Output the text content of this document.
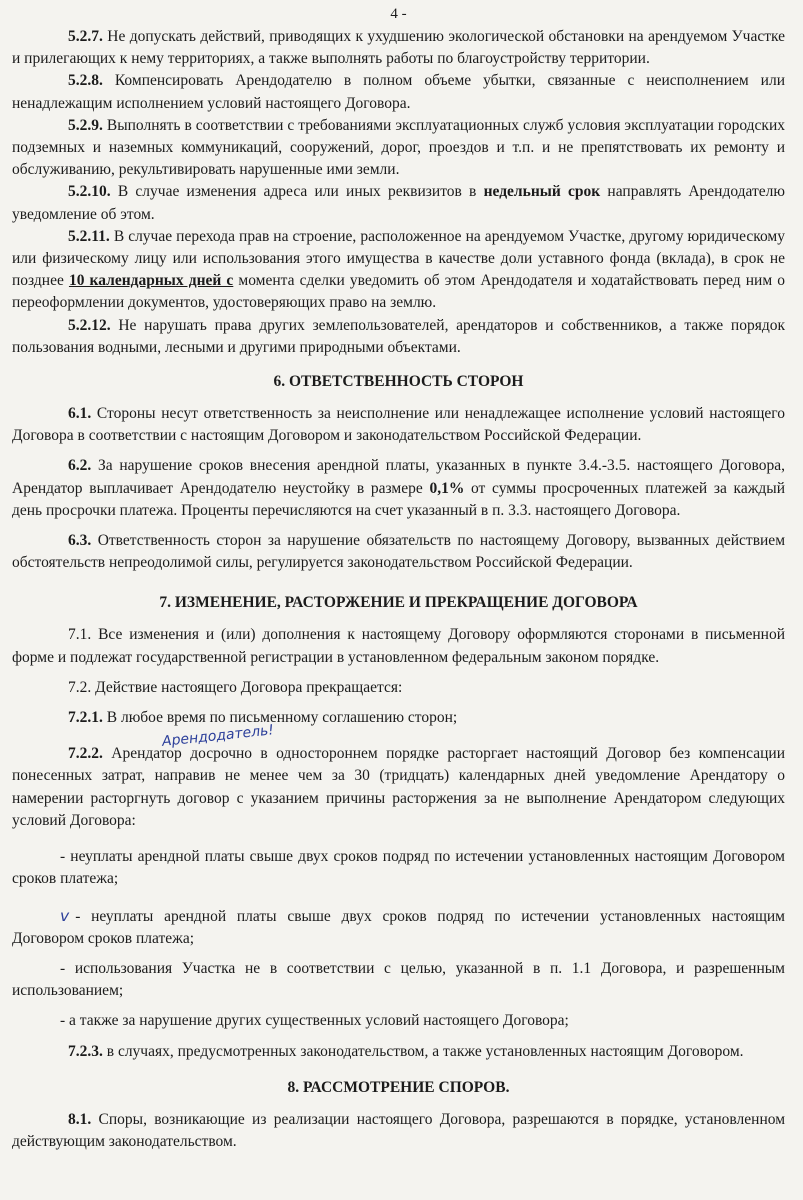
4 -

5.2.7. Не допускать действий, приводящих к ухудшению экологической обстановки на арендуемом Участке и прилегающих к нему территориях, а также выполнять работы по благоустройству территории.

5.2.8. Компенсировать Арендодателю в полном объеме убытки, связанные с неисполнением или ненадлежащим исполнением условий настоящего Договора.

5.2.9. Выполнять в соответствии с требованиями эксплуатационных служб условия эксплуатации городских подземных и наземных коммуникаций, сооружений, дорог, проездов и т.п. и не препятствовать их ремонту и обслуживанию, рекультивировать нарушенные ими земли.

5.2.10. В случае изменения адреса или иных реквизитов в недельный срок направлять Арендодателю уведомление об этом.

5.2.11. В случае перехода прав на строение, расположенное на арендуемом Участке, другому юридическому или физическому лицу или использования этого имущества в качестве доли уставного фонда (вклада), в срок не позднее 10 календарных дней с момента сделки уведомить об этом Арендодателя и ходатайствовать перед ним о переоформлении документов, удостоверяющих право на землю.

5.2.12. Не нарушать права других землепользователей, арендаторов и собственников, а также порядок пользования водными, лесными и другими природными объектами.

6. ОТВЕТСТВЕННОСТЬ СТОРОН

6.1. Стороны несут ответственность за неисполнение или ненадлежащее исполнение условий настоящего Договора в соответствии с настоящим Договором и законодательством Российской Федерации.

6.2. За нарушение сроков внесения арендной платы, указанных в пункте 3.4.-3.5. настоящего Договора, Арендатор выплачивает Арендодателю неустойку в размере 0,1% от суммы просроченных платежей за каждый день просрочки платежа. Проценты перечисляются на счет указанный в п. 3.3. настоящего Договора.

6.3. Ответственность сторон за нарушение обязательств по настоящему Договору, вызванных действием обстоятельств непреодолимой силы, регулируется законодательством Российской Федерации.

7. ИЗМЕНЕНИЕ, РАСТОРЖЕНИЕ И ПРЕКРАЩЕНИЕ ДОГОВОРА

7.1. Все изменения и (или) дополнения к настоящему Договору оформляются сторонами в письменной форме и подлежат государственной регистрации в установленном федеральным законом порядке.

7.2. Действие настоящего Договора прекращается:

7.2.1. В любое время по письменному соглашению сторон;

Арендодатель!
7.2.2. Арендатор досрочно в одностороннем порядке расторгает настоящий Договор без компенсации понесенных затрат, направив не менее чем за 30 (тридцать) календарных дней уведомление Арендатору о намерении расторгнуть договор с указанием причины расторжения за не выполнение Арендатором следующих условий Договора:

- неуплаты арендной платы свыше двух сроков подряд по истечении установленных настоящим Договором сроков платежа;

v - неуплаты арендной платы свыше двух сроков подряд по истечении установленных настоящим Договором сроков платежа;

- использования Участка не в соответствии с целью, указанной в п. 1.1 Договора, и разрешенным использованием;

- а также за нарушение других существенных условий настоящего Договора;

7.2.3. в случаях, предусмотренных законодательством, а также установленных настоящим Договором.

8. РАССМОТРЕНИЕ СПОРОВ.

8.1. Споры, возникающие из реализации настоящего Договора, разрешаются в порядке, установленном действующим законодательством.
